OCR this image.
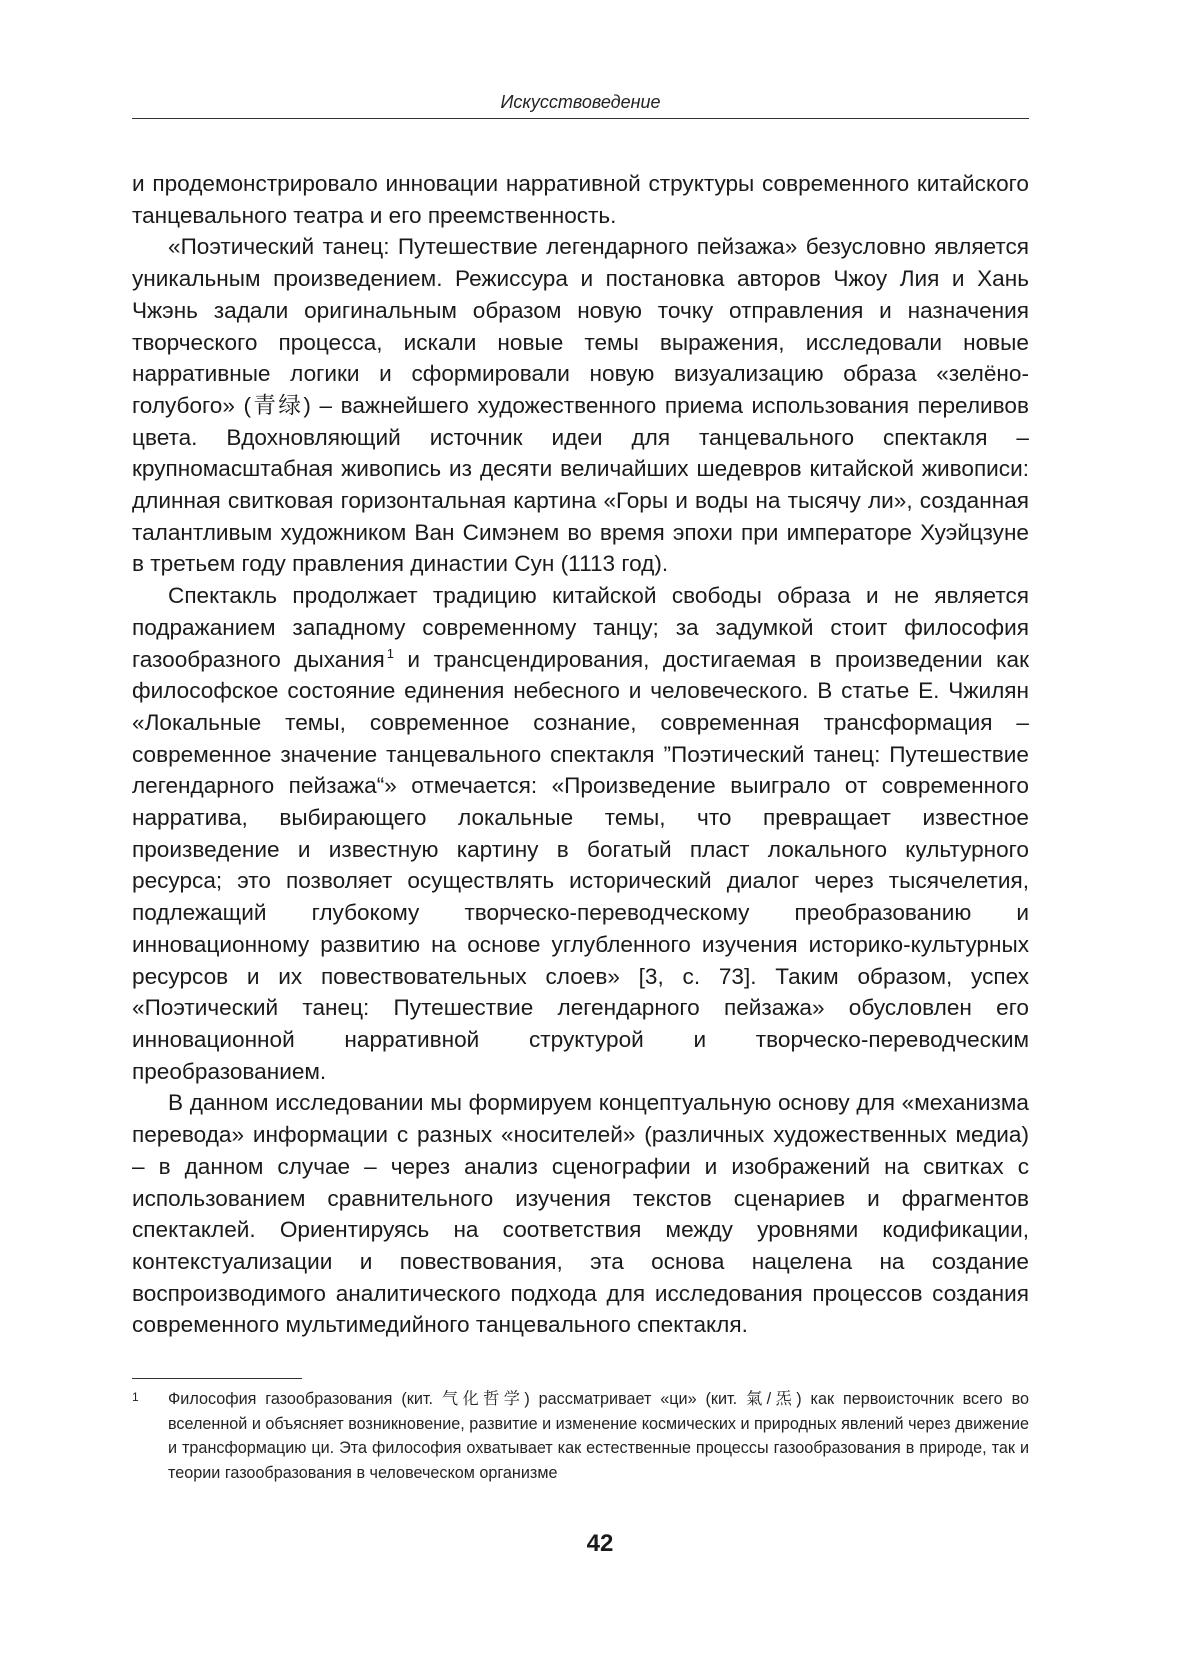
Искусствоведение

и продемонстрировало инновации нарративной структуры современного китайского танцевального театра и его преемственность.

«Поэтический танец: Путешествие легендарного пейзажа» безусловно является уникальным произведением. Режиссура и постановка авторов Чжоу Лия и Хань Чжэнь задали оригинальным образом новую точку отправления и назначения творческого процесса, искали новые темы выражения, исследовали новые нарративные логики и сформировали новую визуализацию образа «зелёно-голубого» (青绿) – важнейшего художественного приема использования переливов цвета. Вдохновляющий источник идеи для танцевального спектакля – крупномасштабная живопись из десяти величайших шедевров китайской живописи: длинная свитковая горизонтальная картина «Горы и воды на тысячу ли», созданная талантливым художником Ван Симэнем во время эпохи при императоре Хуэйцзуне в третьем году правления династии Сун (1113 год).

Спектакль продолжает традицию китайской свободы образа и не является подражанием западному современному танцу; за задумкой стоит философия газообразного дыхания $^1$ и трансцендирования, достигаемая в произведении как философское состояние единения небесного и человеческого. В статье Е. Чжилян «Локальные темы, современное сознание, современная трансформация – современное значение танцевального спектакля ”Поэтический танец: Путешествие легендарного пейзажа“» отмечается: «Произведение выиграло от современного нарратива, выбирающего локальные темы, что превращает известное произведение и известную картину в богатый пласт локального культурного ресурса; это позволяет осуществлять исторический диалог через тысячелетия, подлежащий глубокому творческо-переводческому преобразованию и инновационному развитию на основе углубленного изучения историко-культурных ресурсов и их повествовательных слоев» [3, с. 73]. Таким образом, успех «Поэтический танец: Путешествие легендарного пейзажа» обусловлен его инновационной нарративной структурой и творческо-переводческим преобразованием.

В данном исследовании мы формируем концептуальную основу для «механизма перевода» информации с разных «носителей» (различных художественных медиа) – в данном случае – через анализ сценографии и изображений на свитках с использованием сравнительного изучения текстов сценариев и фрагментов спектаклей. Ориентируясь на соответствия между уровнями кодификации, контекстуализации и повествования, эта основа нацелена на создание воспроизводимого аналитического подхода для исследования процессов создания современного мультимедийного танцевального спектакля.

1	Философия газообразования (кит. 气化哲学) рассматривает «ци» (кит. 氣/炁) как первоисточник всего во вселенной и объясняет возникновение, развитие и изменение космических и природных явлений через движение и трансформацию ци. Эта философия охватывает как естественные процессы газообразования в природе, так и теории газообразования в человеческом организме
42
